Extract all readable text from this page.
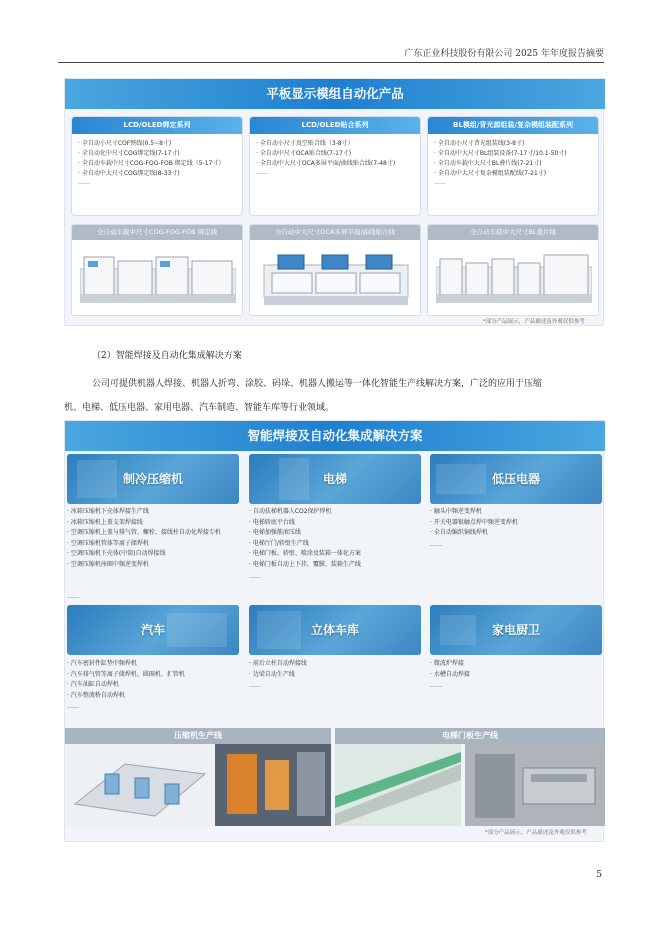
广东正业科技股份有限公司 2025 年年度报告摘要
平板显示模组自动化产品
LCD/OLED绑定系列
· 全自动小尺寸COF整线(0.5~8寸)
· 全自动化中尺寸COG绑定线(7-17寸)
· 全自动车载中尺寸COG-FOG-FOB 绑定线（5-17寸）
· 全自动中大尺寸COG绑定线(8-33寸)
……
LCD/OLED贴合系列
· 全自动小尺寸真空贴合线（3-8寸）
· 全自动中尺寸OCA贴合线(7-17寸)
· 全自动中大尺寸OCA多屏平面/曲线贴合线(7-48寸)
……
BL模组/背光源组装/复杂模组装配系列
· 全自动小尺寸背光组装线(3-8寸)
· 全自动中大尺寸BL组装设备(7-17寸/10.1-50寸)
· 全自动车载中大尺寸BL叠片线(7-21寸)
· 全自动中大尺寸复杂模组装配线(7-21寸)
……
全自动车载中尺寸COG-FOG-FOB 绑定线	全自动中大尺寸OCA多屏平面/曲线贴合线	全自动车载中大尺寸BL叠片线
*部分产品展示，产品描述及外观仅供参考
（2）智能焊接及自动化集成解决方案
公司可提供机器人焊接、机器人折弯、涂胶、码垛、机器人搬运等一体化智能生产线解决方案，广泛的应用于压缩
机、电梯、低压电器、家用电器、汽车制造、智能车库等行业领域。
智能焊接及自动化集成解决方案
制冷压缩机	电梯	低压电器
· 冰箱压缩机下壳体焊接生产线
· 冰箱压缩机上盖支架焊接线
· 空调压缩机上盖与排气管、螺栓、接线柱自动化焊接专机
· 空调压缩机管体等离子储焊机
· 空调压缩机下壳体(中筒)自动焊接线
· 空调压缩机座圈中频逆变焊机
……
· 自动扶梯机器人CO2保护焊机
· 电梯轿底平台线
· 电梯加强筋滚压线
· 电梯厅门/轿壁生产线
· 电梯门板、轿壁、喷涂及装箱一体化方案
· 电梯门板自动上下挂、覆膜、装箱生产线
……
· 触头中频逆变焊机
· 开关电器银触点焊中频逆变焊机
· 全自动编织铜线焊机
……
汽车	立体车库	家电厨卫
· 汽车密封件缸垫中频焊机
· 汽车排气管等离子储焊机、圆圈机、扩管机
· 汽车油缸自动焊机
· 汽车整流桥自动焊机
……
· 前后立柱自动焊接线
· 边梁自动生产线
……
· 微波炉焊接
· 水槽自动焊接
……
压缩机生产线	电梯门板生产线
*部分产品展示，产品描述及外观仅供参考
5
